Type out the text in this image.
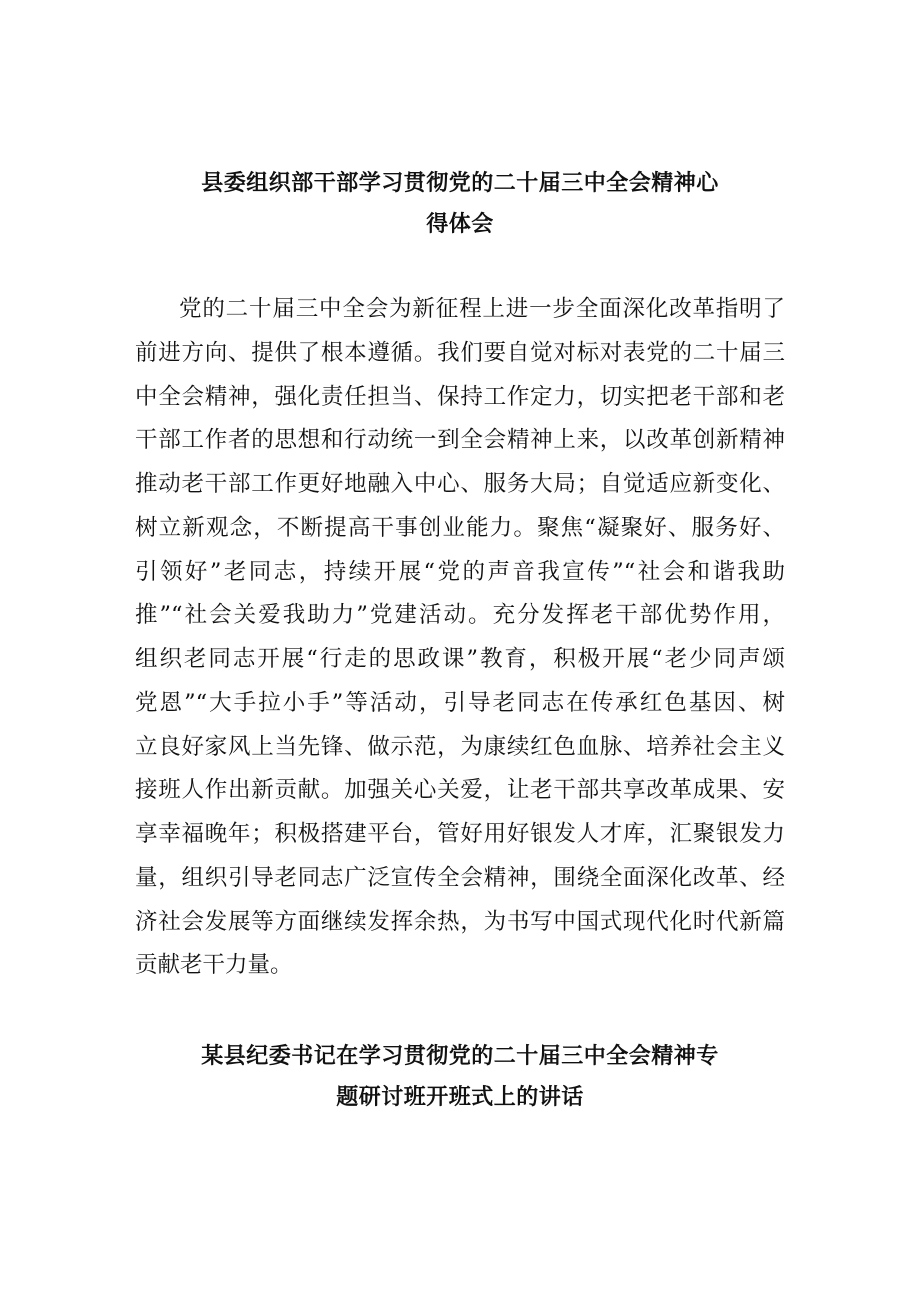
县委组织部干部学习贯彻党的二十届三中全会精神心
得体会
党的二十届三中全会为新征程上进一步全面深化改革指明了
前进方向、提供了根本遵循。我们要自觉对标对表党的二十届三
中全会精神，强化责任担当、保持工作定力，切实把老干部和老
干部工作者的思想和行动统一到全会精神上来，以改革创新精神
推动老干部工作更好地融入中心、服务大局；自觉适应新变化、
树立新观念，不断提高干事创业能力。聚焦“凝聚好、服务好、
引领好”老同志，持续开展“党的声音我宣传”“社会和谐我助
推”“社会关爱我助力”党建活动。充分发挥老干部优势作用，
组织老同志开展“行走的思政课”教育，积极开展“老少同声颂
党恩”“大手拉小手”等活动，引导老同志在传承红色基因、树
立良好家风上当先锋、做示范，为康续红色血脉、培养社会主义
接班人作出新贡献。加强关心关爱，让老干部共享改革成果、安
享幸福晚年；积极搭建平台，管好用好银发人才库，汇聚银发力
量，组织引导老同志广泛宣传全会精神，围绕全面深化改革、经
济社会发展等方面继续发挥余热，为书写中国式现代化时代新篇
贡献老干力量。
某县纪委书记在学习贯彻党的二十届三中全会精神专
题研讨班开班式上的讲话
